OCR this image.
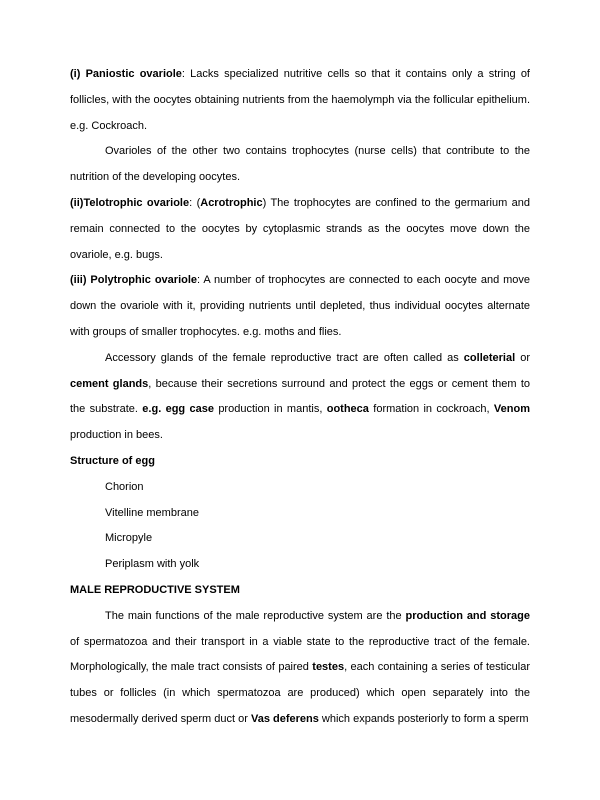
(i) Paniostic ovariole: Lacks specialized nutritive cells so that it contains only a string of follicles, with the oocytes obtaining nutrients from the haemolymph via the follicular epithelium. e.g. Cockroach.

Ovarioles of the other two contains trophocytes (nurse cells) that contribute to the nutrition of the developing oocytes.

(ii)Telotrophic ovariole: (Acrotrophic) The trophocytes are confined to the germarium and remain connected to the oocytes by cytoplasmic strands as the oocytes move down the ovariole, e.g. bugs.

(iii) Polytrophic ovariole: A number of trophocytes are connected to each oocyte and move down the ovariole with it, providing nutrients until depleted, thus individual oocytes alternate with groups of smaller trophocytes. e.g. moths and flies.

Accessory glands of the female reproductive tract are often called as colleterial or cement glands, because their secretions surround and protect the eggs or cement them to the substrate. e.g. egg case production in mantis, ootheca formation in cockroach, Venom production in bees.

Structure of egg

Chorion

Vitelline membrane

Micropyle

Periplasm with yolk

MALE REPRODUCTIVE SYSTEM

The main functions of the male reproductive system are the production and storage of spermatozoa and their transport in a viable state to the reproductive tract of the female. Morphologically, the male tract consists of paired testes, each containing a series of testicular tubes or follicles (in which spermatozoa are produced) which open separately into the mesodermally derived sperm duct or Vas deferens which expands posteriorly to form a sperm
